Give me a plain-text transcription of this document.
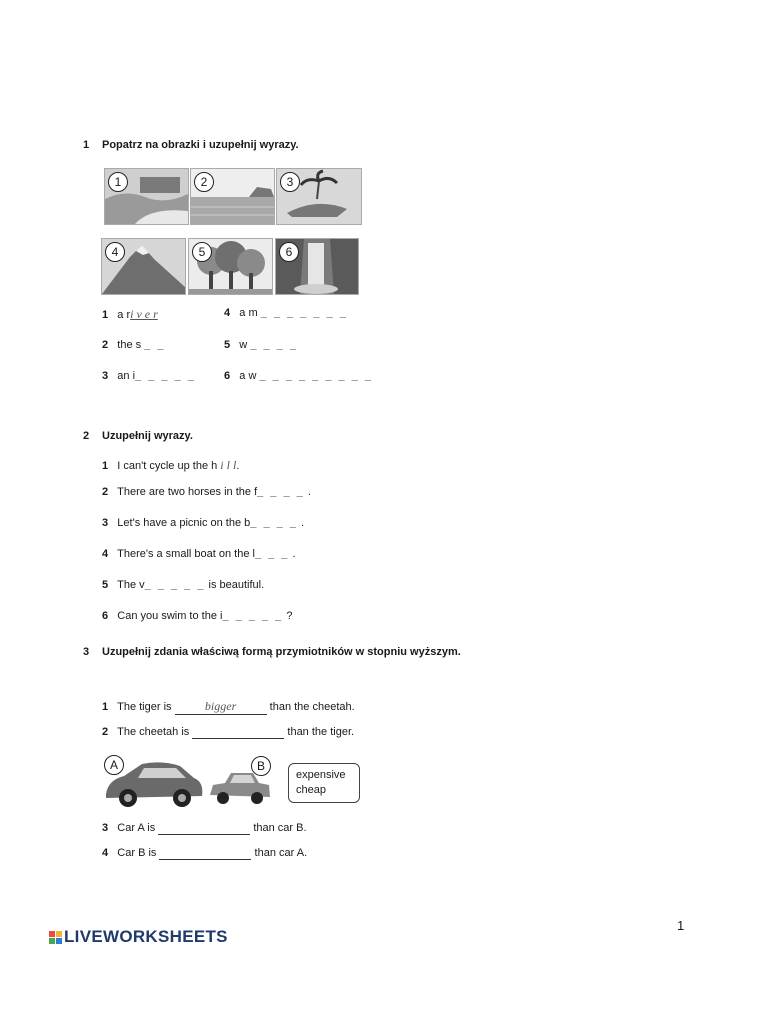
1 Popatrz na obrazki i uzupełnij wyrazy.
1	2	3
4	5	6
1 a ri v e r
2 the s _ _
3 an i_ _ _ _ _
4 a m _ _ _ _ _ _ _
5 w _ _ _ _
6 a w _ _ _ _ _ _ _ _ _
2 Uzupełnij wyrazy.
1 I can't cycle up the h i l l.
2 There are two horses in the f_ _ _ _ .
3 Let's have a picnic on the b_ _ _ _ .
4 There's a small boat on the l_ _ _ .
5 The v_ _ _ _ _ is beautiful.
6 Can you swim to the i_ _ _ _ _ ?
3 Uzupełnij zdania właściwą formą przymiotników w stopniu wyższym.
1 The tiger is	bigger	than the cheetah.
2 The cheetah is	than the tiger.
A	B
expensive
cheap
3 Car A is	than car B.
4 Car B is	than car A.
1
LIVEWORKSHEETS
